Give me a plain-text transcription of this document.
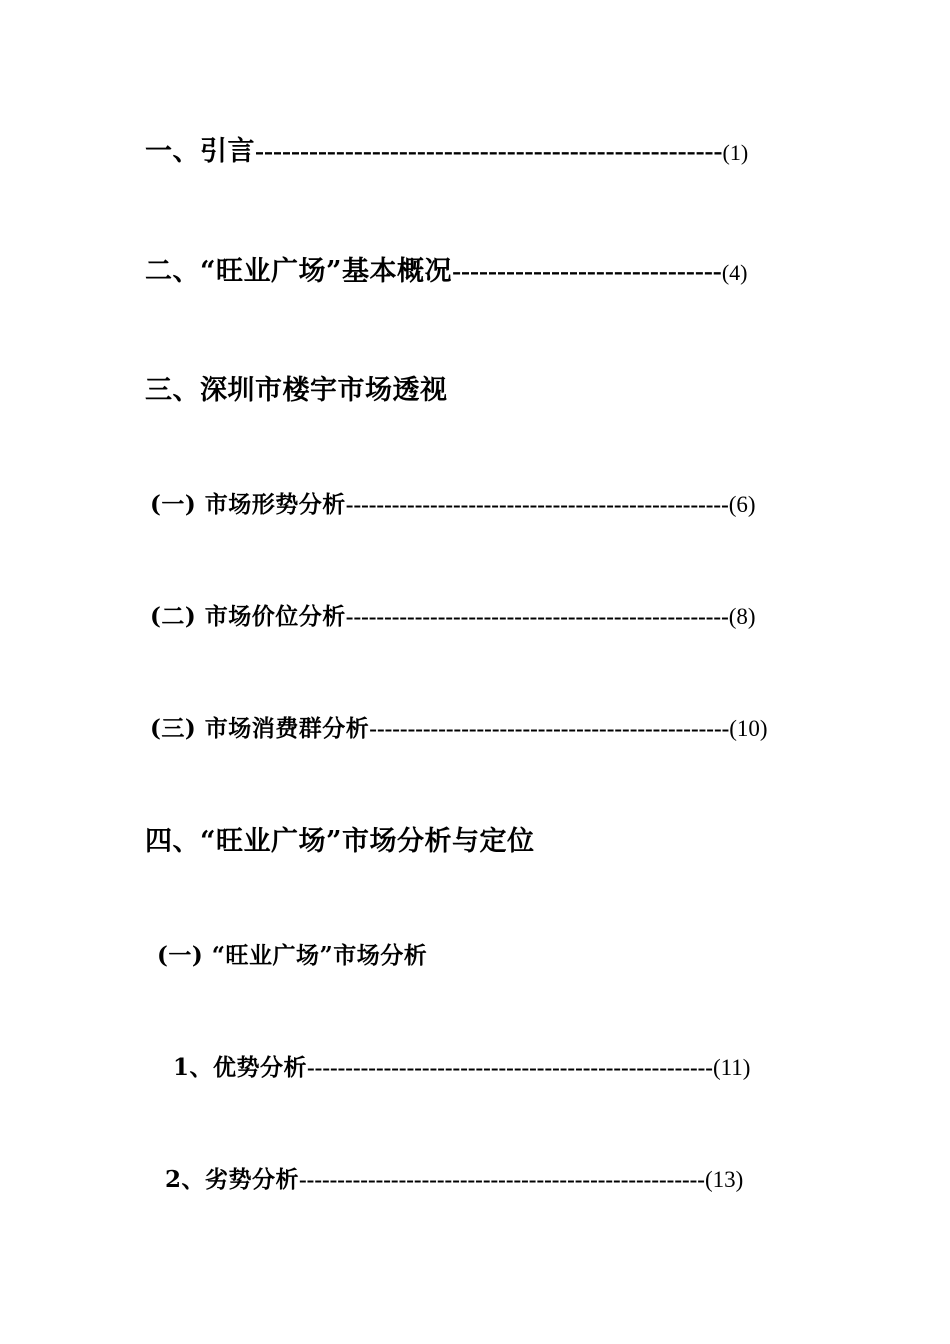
一、引言----------------------------------------------------(1)
二、“旺业广场”基本概况------------------------------(4)
三、深圳市楼宇市场透视
(一) 市场形势分析--------------------------------------------------(6)
(二) 市场价位分析--------------------------------------------------(8)
(三) 市场消费群分析-----------------------------------------------(10)
四、“旺业广场”市场分析与定位
(一) “旺业广场”市场分析
1、优势分析-----------------------------------------------------(11)
2、劣势分析-----------------------------------------------------(13)
